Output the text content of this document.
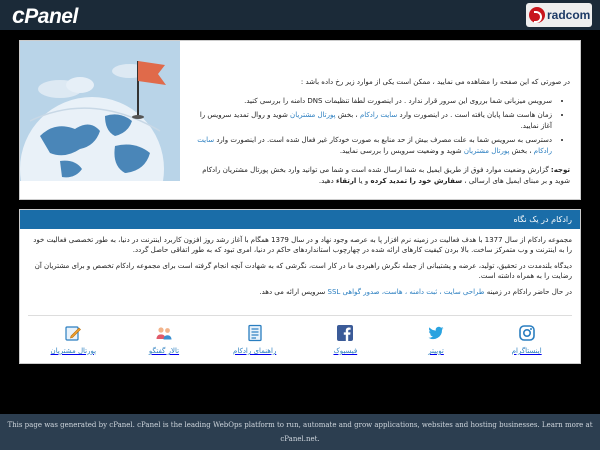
cPanel	radcom

در صورتی که این صفحه را مشاهده می نمایید ، ممکن است یکی از موارد زیر رخ داده باشد :

• سرویس میزبانی شما برروی این سرور قرار ندارد . در اینصورت لطفا تنظیمات DNS دامنه را بررسی کنید.
• زمان هاست شما پایان یافته است . در اینصورت وارد سایت رادکام ، بخش پورتال مشتریان شوید و روال تمدید سرویس را آغاز نمایید.
• دسترسی به سرویس شما به علت مصرف بیش از حد منابع به صورت خودکار غیر فعال شده است. در اینصورت وارد سایت رادکام ، بخش پورتال مشتریان شوید و وضعیت سرویس را بررسی نمایید.

توجه: گزارش وضعیت موارد فوق از طریق ایمیل به شما ارسال شده است و شما می توانید وارد بخش پورتال مشتریان رادکام شوید و بر مبنای ایمیل های ارسالی ، سفارش خود را تمدید کرده و یا ارتقاء دهید.

رادکام در یک نگاه

مجموعه رادکام از سال 1377 با هدف فعالیت در زمینه نرم افزار پا به عرصه وجود نهاد و در سال 1379 همگام با آغاز رشد روز افزون کاربرد اینترنت در دنیا، به طور تخصصی فعالیت خود را به اینترنت و وب متمرکز ساخت. بالا بردن کیفیت کارهای ارائه شده در چهارچوب استانداردهای حاکم در دنیا، امری تبود که به طور اتفاقی حاصل گردد.

دیدگاه بلندمدت در تحقیق، تولید، عرضه و پشتیبانی از جمله نگرش راهبردی ما در کار است، نگرشی که به شهادت آنچه انجام گرفته است برای مجموعه رادکام تخصص و برای مشتریان آن رضایت را به همراه داشته است.

در حال حاضر رادکام در زمینه طراحی سایت ، ثبت دامنه ، هاست، صدور گواهی SSL سرویس ارائه می دهد.

اینستاگرام
توییتر
فیسبوک
راهنمای رادکام
تالار گفتگو
پورتال مشتریان
This page was generated by cPanel. cPanel is the leading WebOps platform to run, automate and grow applications, websites and hosting businesses. Learn more at cPanel.net.
